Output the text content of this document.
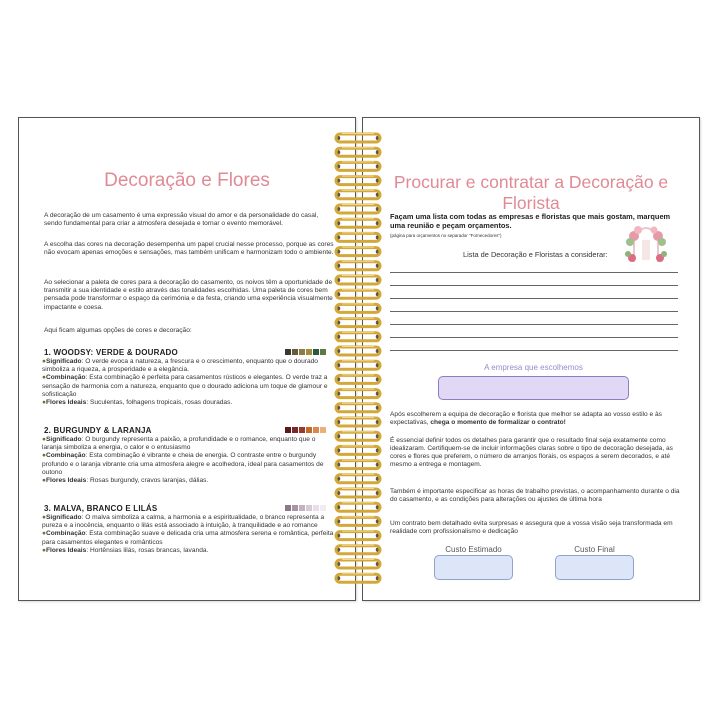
Decoração e Flores

A decoração de um casamento é uma expressão visual do amor e da personalidade do casal, sendo fundamental para criar a atmosfera desejada e tornar o evento memorável.

A escolha das cores na decoração desempenha um papel crucial nesse processo, porque as cores não evocam apenas emoções e sensações, mas também unificam e harmonizam todo o ambiente.

Ao selecionar a paleta de cores para a decoração do casamento, os noivos têm a oportunidade de transmitir a sua identidade e estilo através das tonalidades escolhidas. Uma paleta de cores bem pensada pode transformar o espaço da cerimónia e da festa, criando uma experiência visualmente impactante e coesa.

Aqui ficam algumas opções de cores e decoração:

1. WOODSY: VERDE & DOURADO
●Significado: O verde evoca a natureza, a frescura e o crescimento, enquanto que o dourado simboliza a riqueza, a prosperidade e a elegância.
●Combinação: Esta combinação é perfeita para casamentos rústicos e elegantes. O verde traz a sensação de harmonia com a natureza, enquanto que o dourado adiciona um toque de glamour e sofisticação
●Flores Ideais: Suculentas, folhagens tropicais, rosas douradas.
2. BURGUNDY & LARANJA
●Significado: O burgundy representa a paixão, a profundidade e o romance, enquanto que o laranja simboliza a energia, o calor e o entusiasmo
●Combinação: Esta combinação é vibrante e cheia de energia. O contraste entre o burgundy profundo e o laranja vibrante cria uma atmosfera alegre e acolhedora, ideal para casamentos de outono
●Flores Ideais: Rosas burgundy, cravos laranjas, dálias.
3. MALVA, BRANCO E LILÁS
●Significado: O malva simboliza a calma, a harmonia e a espiritualidade, o branco representa a pureza e a inocência, enquanto o lilás está associado à intuição, à tranquilidade e ao romance
●Combinação: Esta combinação suave e delicada cria uma atmosfera serena e romântica, perfeita para casamentos elegantes e românticos
●Flores Ideais: Hortênsias lilás, rosas brancas, lavanda.
Procurar e contratar a Decoração e Florista

Façam uma lista com todas as empresas e floristas que mais gostam, marquem uma reunião e peçam orçamentos.

(página para orçamentos no separador "Fornecedores")

Lista de Decoração e Floristas a considerar:
A empresa que escolhemos

Após escolherem a equipa de decoração e florista que melhor se adapta ao vosso estilo e às expectativas, chega o momento de formalizar o contrato!

É essencial definir todos os detalhes para garantir que o resultado final seja exatamente como idealizaram. Certifiquem-se de incluir informações claras sobre o tipo de decoração desejada, as cores e flores que preferem, o número de arranjos florais, os espaços a serem decorados, e até mesmo a entrega e montagem.

Também é importante especificar as horas de trabalho previstas, o acompanhamento durante o dia do casamento, e as condições para alterações ou ajustes de última hora

Um contrato bem detalhado evita surpresas e assegura que a vossa visão seja transformada em realidade com profissionalismo e dedicação

Custo Estimado	Custo Final
